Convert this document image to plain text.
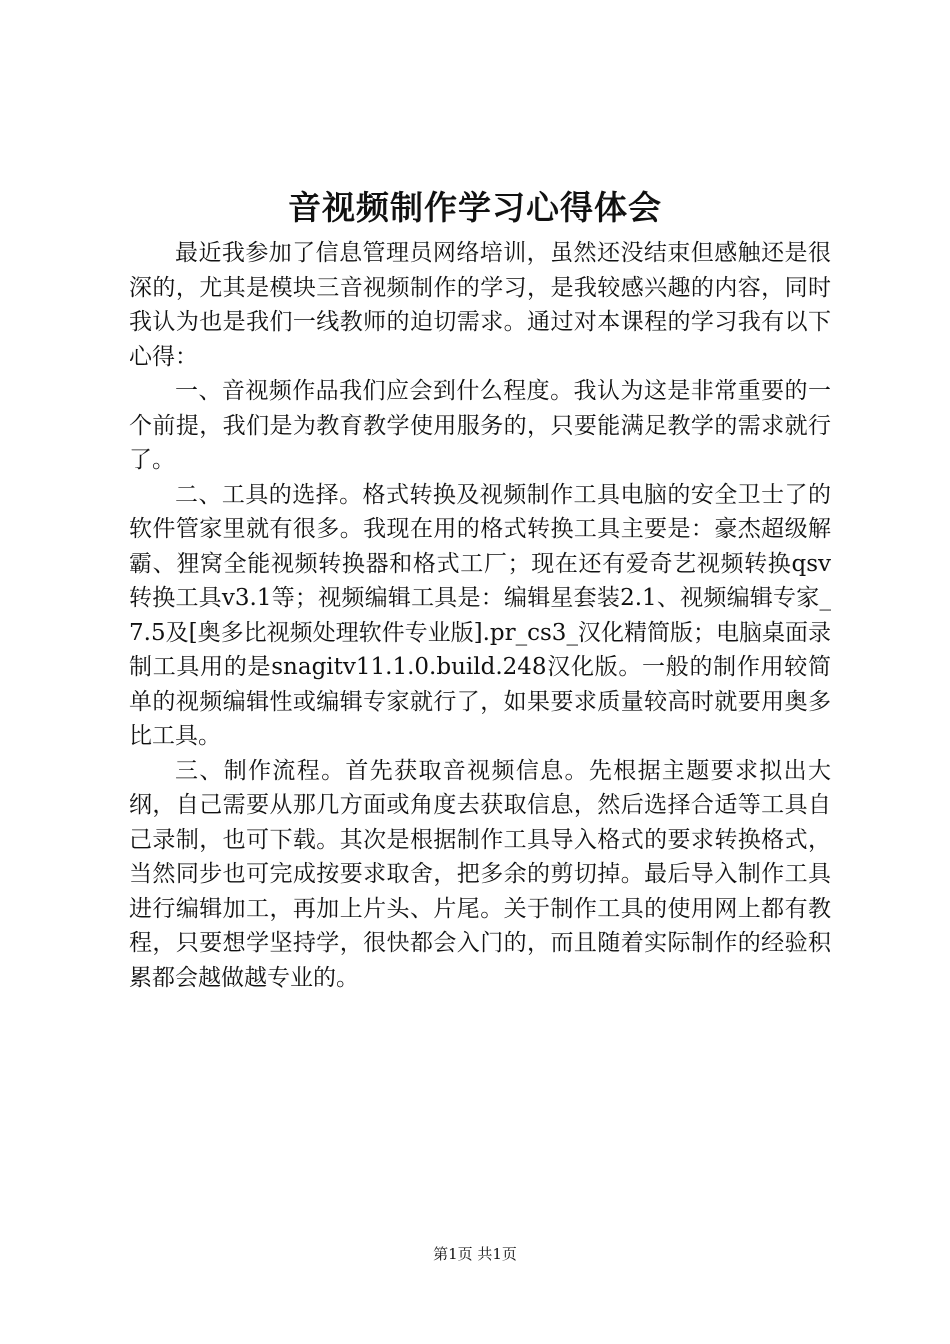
音视频制作学习心得体会

最近我参加了信息管理员网络培训，虽然还没结束但感触还是很深的，尤其是模块三音视频制作的学习，是我较感兴趣的内容，同时我认为也是我们一线教师的迫切需求。通过对本课程的学习我有以下心得：

一、音视频作品我们应会到什么程度。我认为这是非常重要的一个前提，我们是为教育教学使用服务的，只要能满足教学的需求就行了。

二、工具的选择。格式转换及视频制作工具电脑的安全卫士了的软件管家里就有很多。我现在用的格式转换工具主要是：豪杰超级解霸、狸窝全能视频转换器和格式工厂；现在还有爱奇艺视频转换qsv转换工具v3.1等；视频编辑工具是：编辑星套装2.1、视频编辑专家_7.5及[奥多比视频处理软件专业版].pr_cs3_汉化精简版；电脑桌面录制工具用的是snagitv11.1.0.build.248汉化版。一般的制作用较简单的视频编辑性或编辑专家就行了，如果要求质量较高时就要用奥多比工具。

三、制作流程。首先获取音视频信息。先根据主题要求拟出大纲，自己需要从那几方面或角度去获取信息，然后选择合适等工具自己录制，也可下载。其次是根据制作工具导入格式的要求转换格式，当然同步也可完成按要求取舍，把多余的剪切掉。最后导入制作工具进行编辑加工，再加上片头、片尾。关于制作工具的使用网上都有教程，只要想学坚持学，很快都会入门的，而且随着实际制作的经验积累都会越做越专业的。

第1页 共1页
